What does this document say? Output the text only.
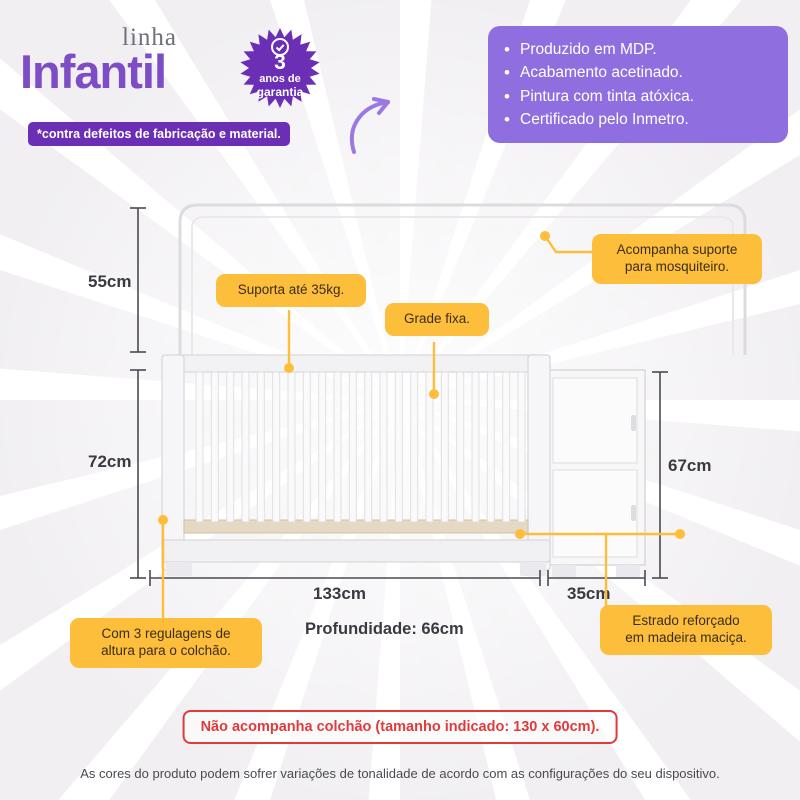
linha
Infantil	3
anos de
garantia
*contra defeitos de fabricação e material.
• Produzido em MDP.
• Acabamento acetinado.
• Pintura com tinta atóxica.
• Certificado pelo Inmetro.
55cm
72cm
133cm	35cm
67cm
Profundidade: 66cm
Acompanha suporte
para mosquiteiro.
Suporta até 35kg.
Grade fixa.
Com 3 regulagens de
altura para o colchão.
Estrado reforçado
em madeira maciça.
Não acompanha colchão (tamanho indicado: 130 x 60cm).
As cores do produto podem sofrer variações de tonalidade de acordo com as configurações do seu dispositivo.
